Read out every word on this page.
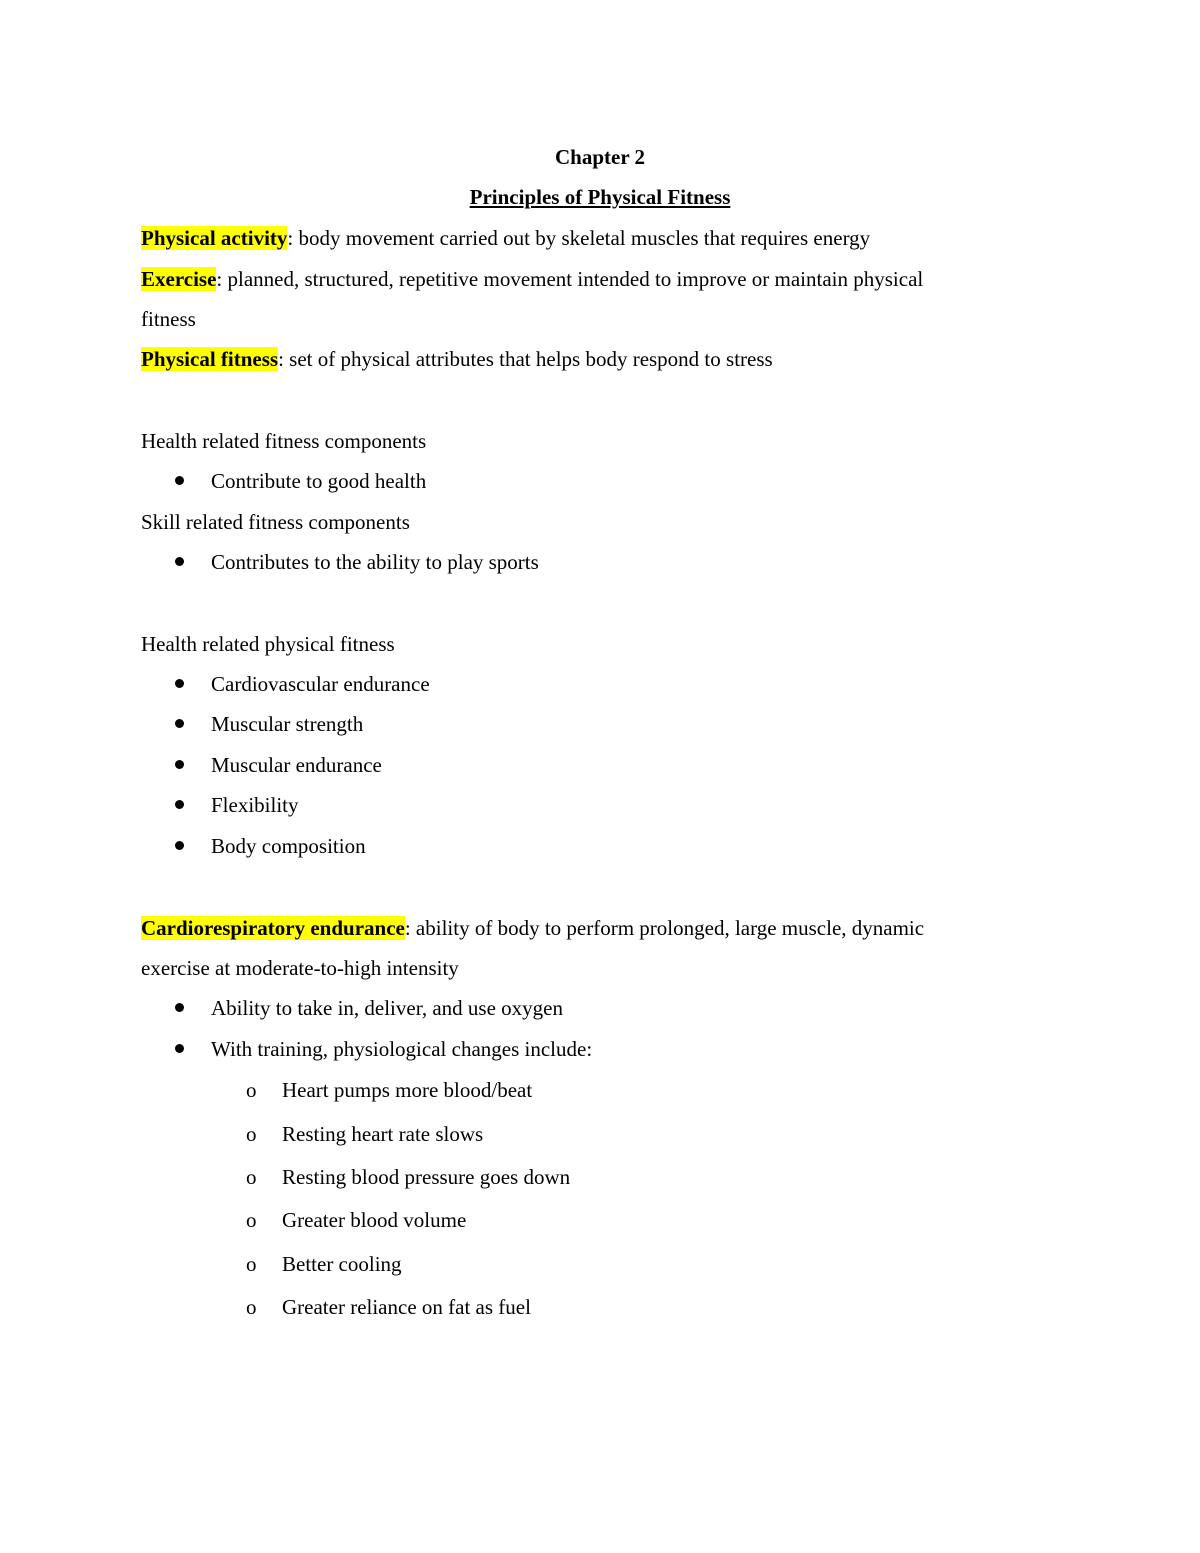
Chapter 2
Principles of Physical Fitness
Physical activity: body movement carried out by skeletal muscles that requires energy
Exercise: planned, structured, repetitive movement intended to improve or maintain physical
fitness
Physical fitness: set of physical attributes that helps body respond to stress
Health related fitness components
Contribute to good health
Skill related fitness components
Contributes to the ability to play sports
Health related physical fitness
Cardiovascular endurance
Muscular strength
Muscular endurance
Flexibility
Body composition
Cardiorespiratory endurance: ability of body to perform prolonged, large muscle, dynamic
exercise at moderate-to-high intensity
Ability to take in, deliver, and use oxygen
With training, physiological changes include:
o Heart pumps more blood/beat
o Resting heart rate slows
o Resting blood pressure goes down
o Greater blood volume
o Better cooling
o Greater reliance on fat as fuel
